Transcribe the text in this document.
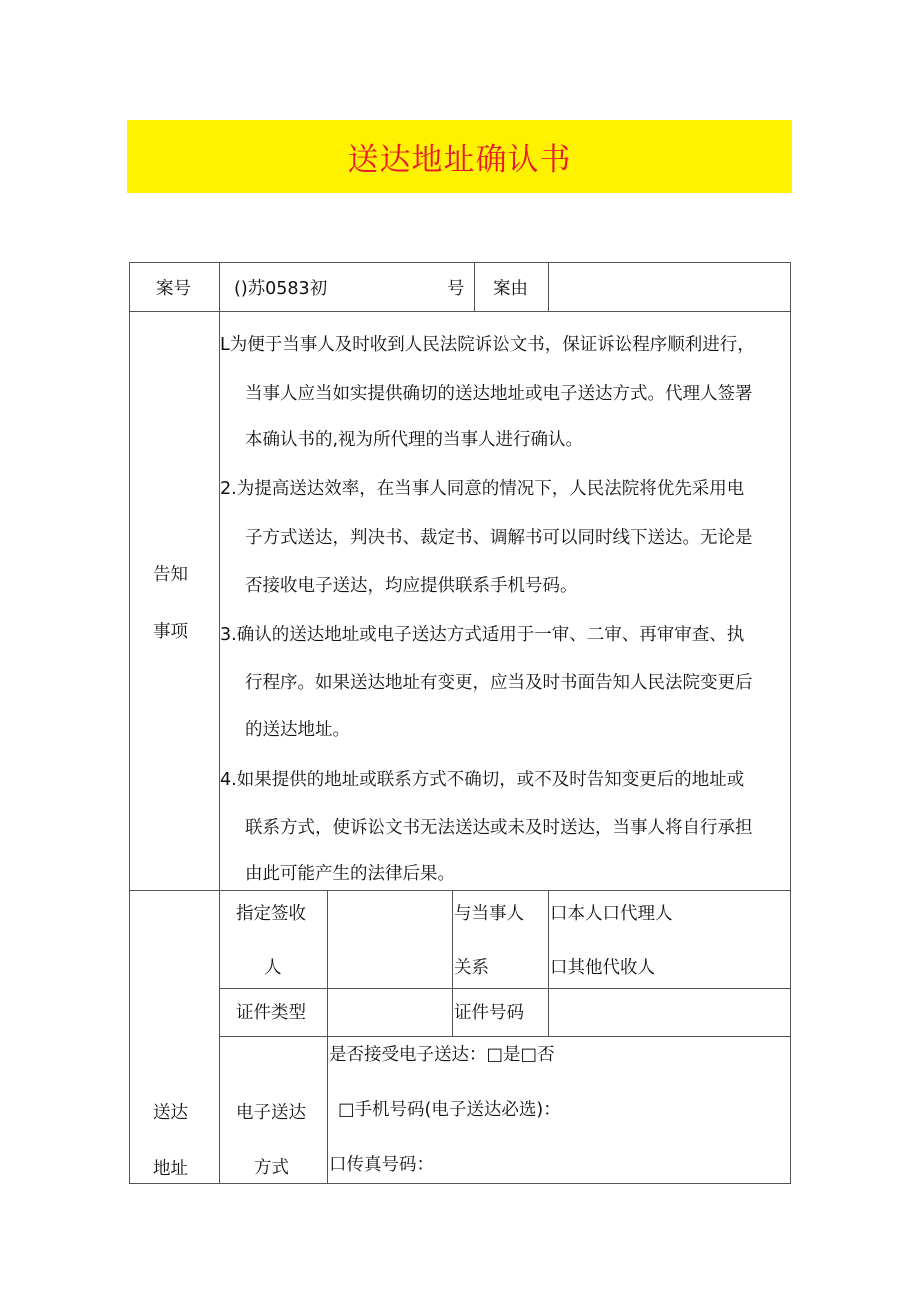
送达地址确认书
案号 ()苏0583初	号 案由
告知
事项
L为便于当事人及时收到人民法院诉讼文书，保证诉讼程序顺利进行，
当事人应当如实提供确切的送达地址或电子送达方式。代理人签署
本确认书的,视为所代理的当事人进行确认。
2.为提高送达效率，在当事人同意的情况下，人民法院将优先采用电
子方式送达，判决书、裁定书、调解书可以同时线下送达。无论是
否接收电子送达，均应提供联系手机号码。
3.确认的送达地址或电子送达方式适用于一审、二审、再审审查、执
行程序。如果送达地址有变更，应当及时书面告知人民法院变更后
的送达地址。
4.如果提供的地址或联系方式不确切，或不及时告知变更后的地址或
联系方式，使诉讼文书无法送达或未及时送达，当事人将自行承担
由此可能产生的法律后果。
送达
地址
指定签收
人
与当事人
关系
口本人口代理人
口其他代收人
证件类型	证件号码
电子送达
方式
是否接受电子送达：□是□否
□手机号码(电子送达必选)：
口传真号码：
